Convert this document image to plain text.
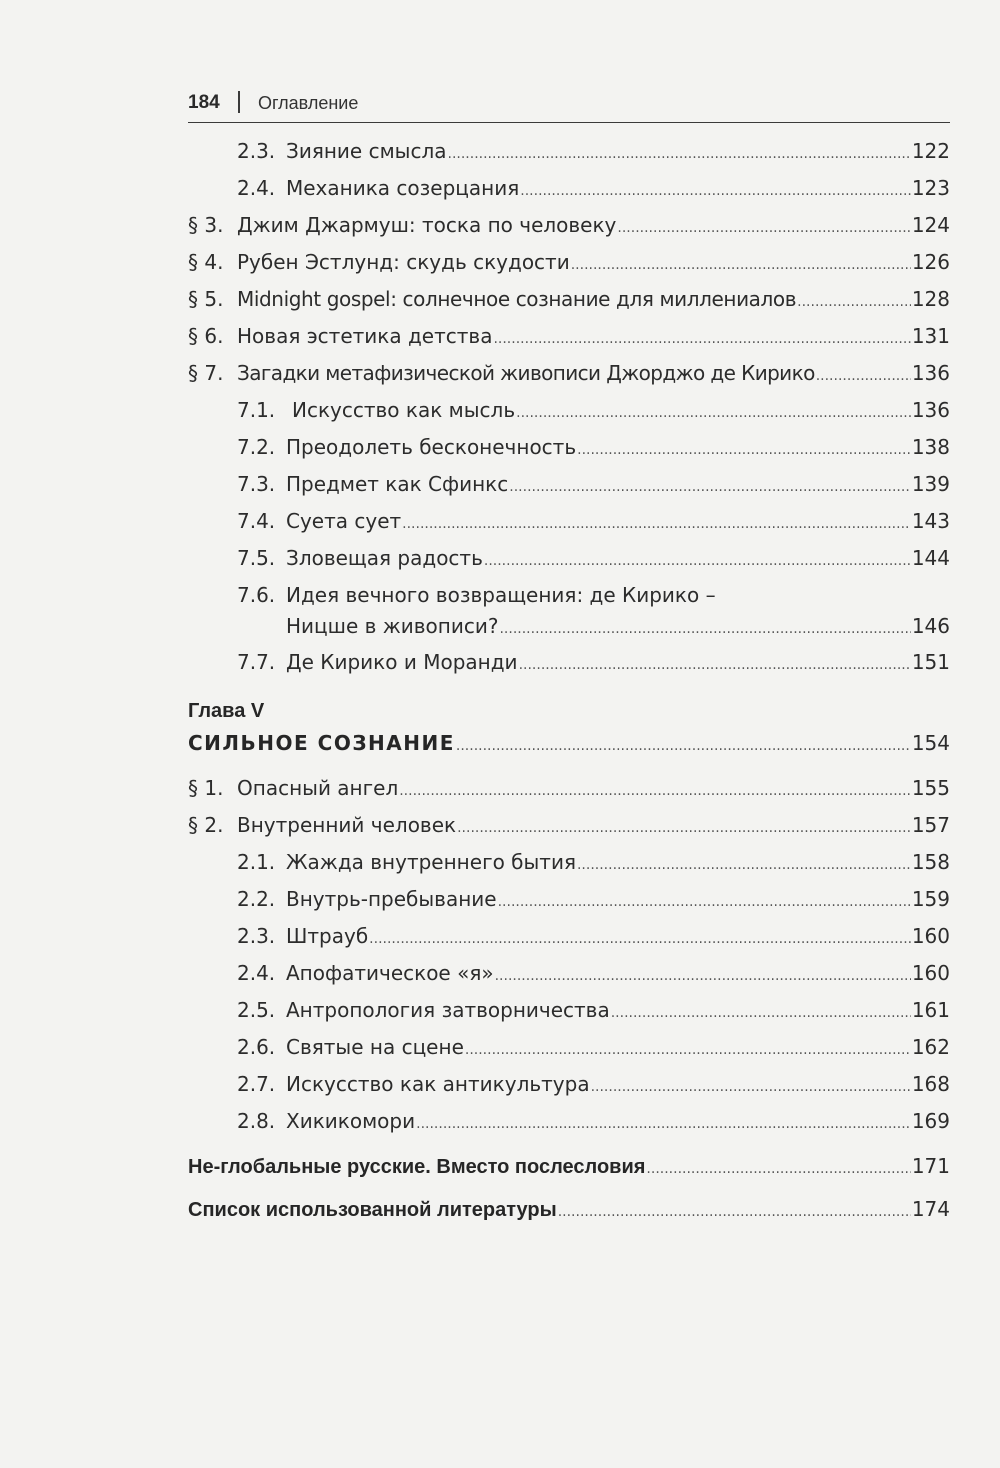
184 Оглавление
2.3. Зияние смысла .....	122
2.4. Механика созерцания .....	123
§ 3. Джим Джармуш: тоска по человеку .....	124
§ 4. Рубен Эстлунд: скудь скудости .....	126
§ 5. Midnight gospel: солнечное сознание для миллениалов .....	128
§ 6. Новая эстетика детства .....	131
§ 7. Загадки метафизической живописи Джорджо де Кирико .....	136
7.1. Искусство как мысль .....	136
7.2. Преодолеть бесконечность .....	138
7.3. Предмет как Сфинкс .....	139
7.4. Суета сует .....	143
7.5. Зловещая радость .....	144
7.6. Идея вечного возвращения: де Кирико –
Ницше в живописи? .....	146
7.7. Де Кирико и Моранди .....	151
Глава V
СИЛЬНОЕ СОЗНАНИЕ .....	154
§ 1. Опасный ангел .....	155
§ 2. Внутренний человек .....	157
2.1. Жажда внутреннего бытия .....	158
2.2. Внутрь-пребывание .....	159
2.3. Штрауб .....	160
2.4. Апофатическое «я» .....	160
2.5. Антропология затворничества .....	161
2.6. Святые на сцене .....	162
2.7. Искусство как антикультура .....	168
2.8. Хикикомори .....	169
Не-глобальные русские. Вместо послесловия .....	171
Список использованной литературы .....	174
